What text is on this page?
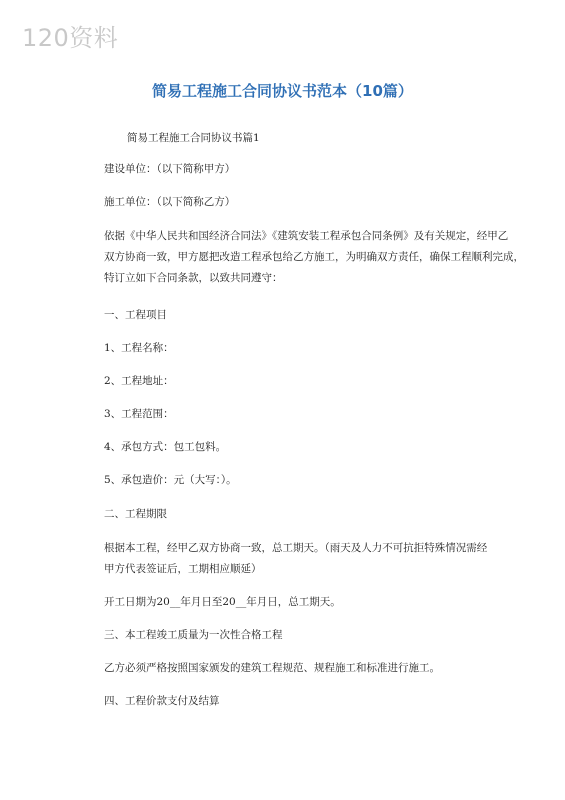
120资料
简易工程施工合同协议书范本（10篇）
简易工程施工合同协议书篇1
建设单位：（以下简称甲方）
施工单位：（以下简称乙方）
依据《中华人民共和国经济合同法》《建筑安装工程承包合同条例》及有关规定，经甲乙
双方协商一致，甲方愿把改造工程承包给乙方施工，为明确双方责任，确保工程顺利完成，
特订立如下合同条款，以致共同遵守：
一、工程项目
1、工程名称：
2、工程地址：
3、工程范围：
4、承包方式：包工包料。
5、承包造价：元（大写：）。
二、工程期限
根据本工程，经甲乙双方协商一致，总工期天。（雨天及人力不可抗拒特殊情况需经
甲方代表签证后，工期相应顺延）
开工日期为20__年月日至20__年月日，总工期天。
三、本工程竣工质量为一次性合格工程
乙方必须严格按照国家颁发的建筑工程规范、规程施工和标准进行施工。
四、工程价款支付及结算
